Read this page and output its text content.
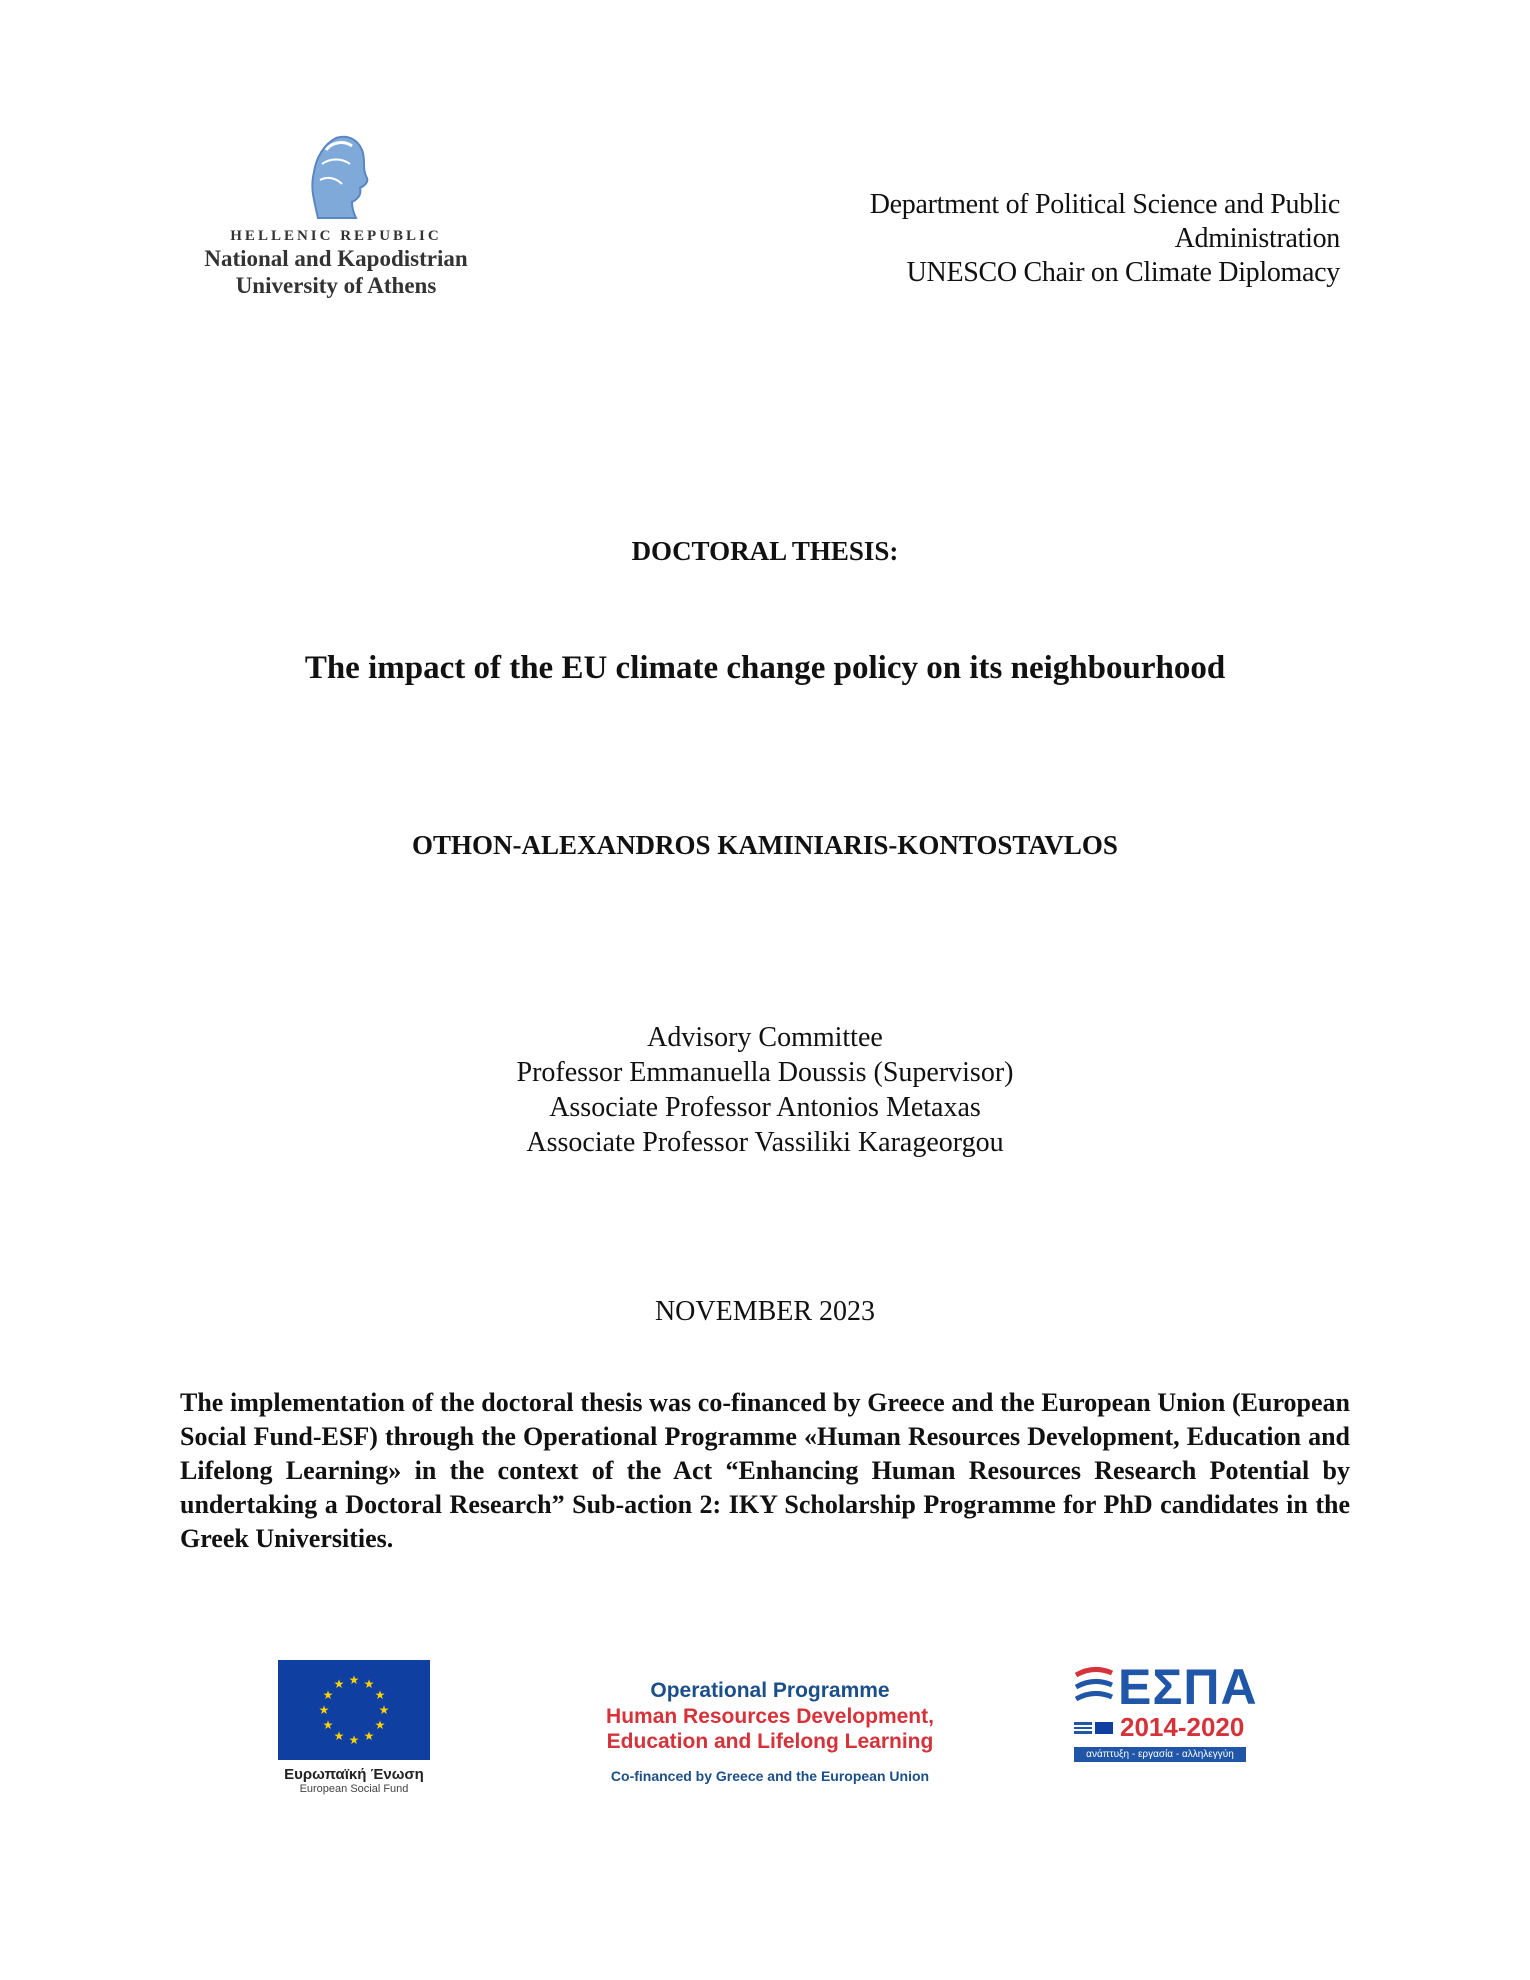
HELLENIC REPUBLIC
National and Kapodistrian
University of Athens
Department of Political Science and Public
Administration
UNESCO Chair on Climate Diplomacy
DOCTORAL THESIS:
The impact of the EU climate change policy on its neighbourhood
OTHON-ALEXANDROS KAMINIARIS-KONTOSTAVLOS
Advisory Committee
Professor Emmanuella Doussis (Supervisor)
Associate Professor Antonios Metaxas
Associate Professor Vassiliki Karageorgou
NOVEMBER 2023
The implementation of the doctoral thesis was co-financed by Greece and the European Union (European Social Fund-ESF) through the Operational Programme «Human Resources Development, Education and Lifelong Learning» in the context of the Act “Enhancing Human Resources Research Potential by undertaking a Doctoral Research” Sub-action 2: IKY Scholarship Programme for PhD candidates in the Greek Universities.
★ ★
★
★
★
★
★
★
★
★
★
★
Ευρωπαϊκή Ένωση
European Social Fund
Operational Programme
Human Resources Development,
Education and Lifelong Learning
Co-financed by Greece and the European Union
ΕΣΠΑ
2014-2020
ανάπτυξη - εργασία - αλληλεγγύη
